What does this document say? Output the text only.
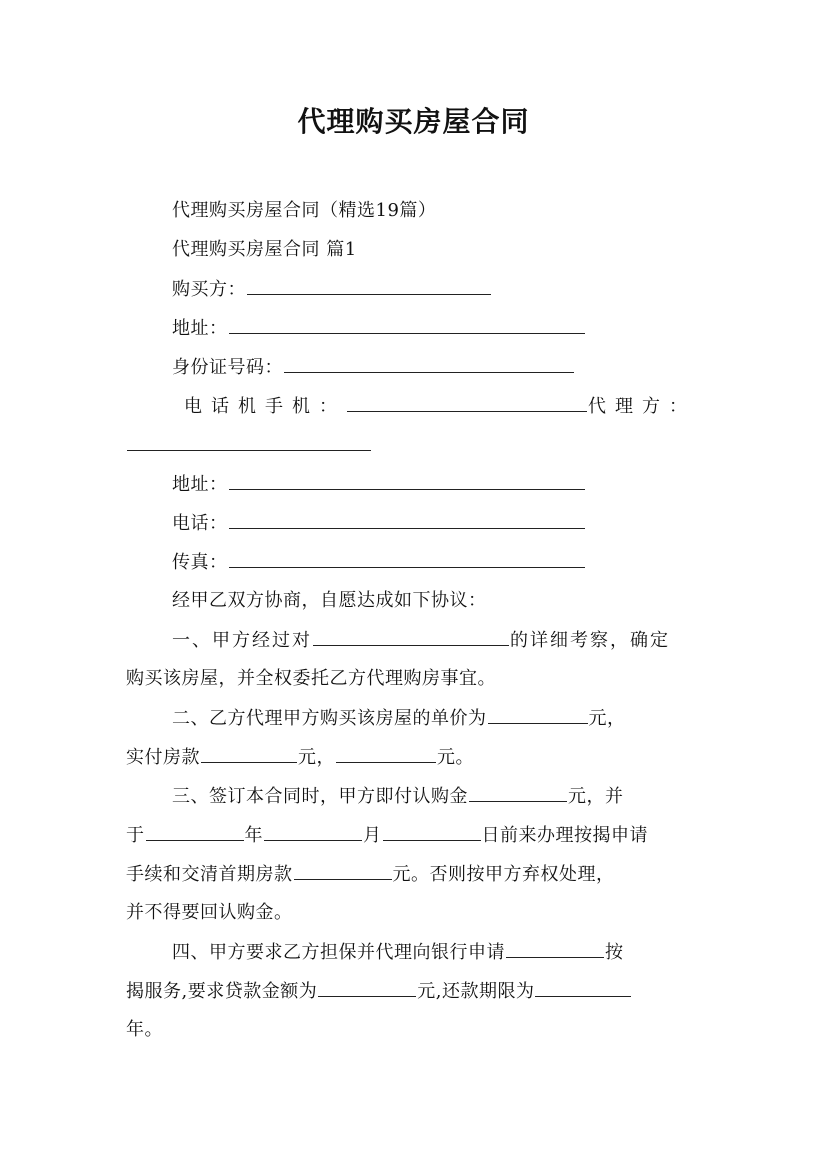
代理购买房屋合同
代理购买房屋合同（精选19篇）
代理购买房屋合同 篇1
购买方：
地址：
身份证号码：
电话机手机：	代理方：
地址：
电话：
传真：
经甲乙双方协商，自愿达成如下协议：
一、甲方经过对	的详细考察，确定
购买该房屋，并全权委托乙方代理购房事宜。
二、乙方代理甲方购买该房屋的单价为	元，
实付房款	元，	元。
三、签订本合同时，甲方即付认购金	元，并
于	年	月	日前来办理按揭申请
手续和交清首期房款	元。否则按甲方弃权处理，
并不得要回认购金。
四、甲方要求乙方担保并代理向银行申请	按
揭服务,要求贷款金额为	元,还款期限为
年。
